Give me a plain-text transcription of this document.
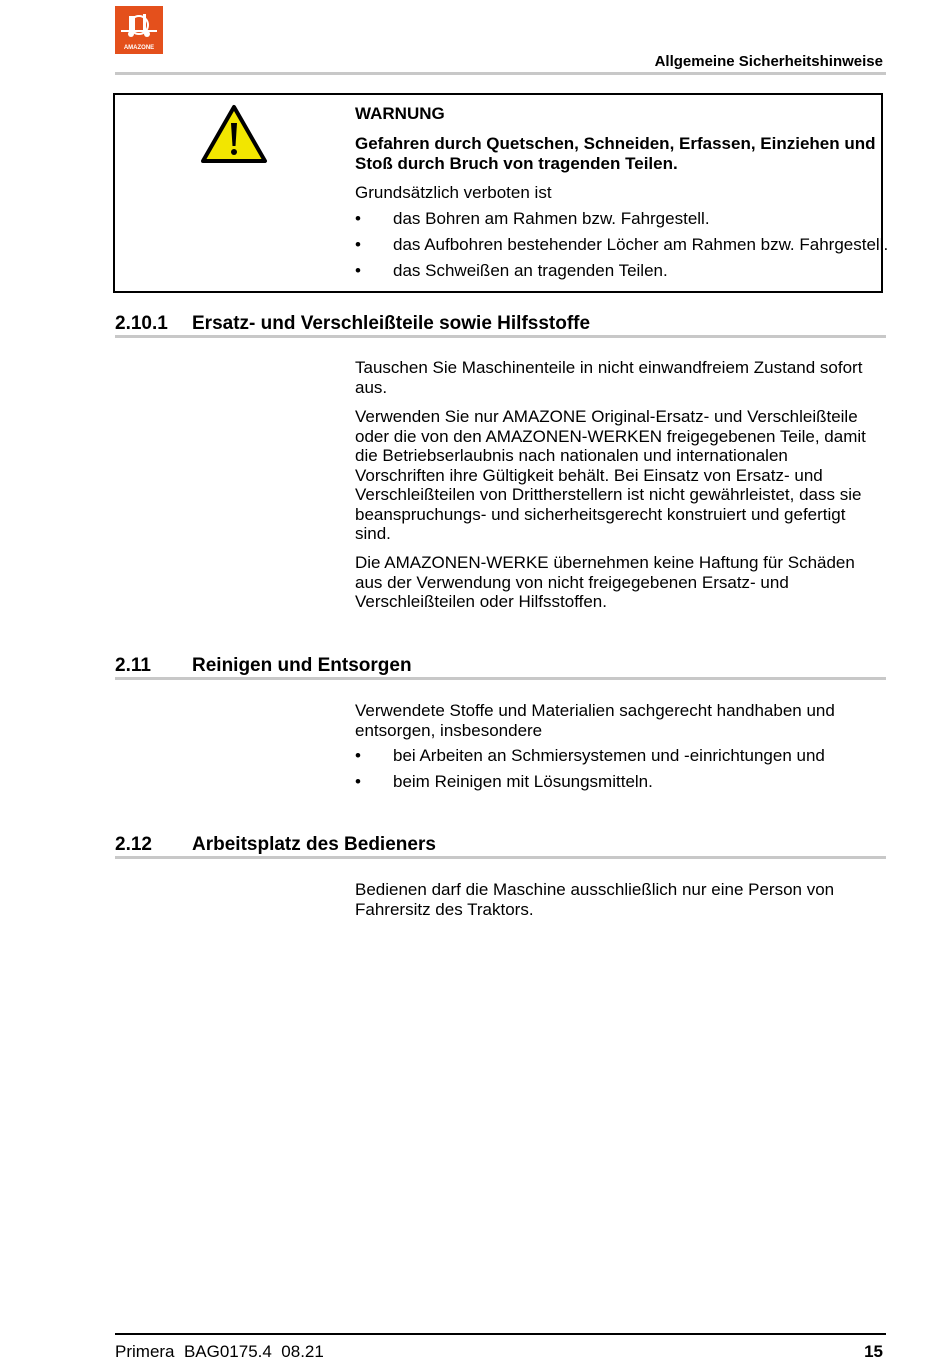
AMAZONE
Allgemeine Sicherheitshinweise
WARNUNG
Gefahren durch Quetschen, Schneiden, Erfassen, Einziehen und Stoß durch Bruch von tragenden Teilen.
Grundsätzlich verboten ist
• das Bohren am Rahmen bzw. Fahrgestell.
• das Aufbohren bestehender Löcher am Rahmen bzw. Fahrgestell.
• das Schweißen an tragenden Teilen.
2.10.1 Ersatz- und Verschleißteile sowie Hilfsstoffe
Tauschen Sie Maschinenteile in nicht einwandfreiem Zustand sofort aus.
Verwenden Sie nur AMAZONE Original-Ersatz- und Verschleißteile oder die von den AMAZONEN-WERKEN freigegebenen Teile, damit die Betriebserlaubnis nach nationalen und internationalen Vorschriften ihre Gültigkeit behält. Bei Einsatz von Ersatz- und Verschleißteilen von Drittherstellern ist nicht gewährleistet, dass sie beanspruchungs- und sicherheitsgerecht konstruiert und gefertigt sind.
Die AMAZONEN-WERKE übernehmen keine Haftung für Schäden aus der Verwendung von nicht freigegebenen Ersatz- und Verschleißteilen oder Hilfsstoffen.
2.11 Reinigen und Entsorgen
Verwendete Stoffe und Materialien sachgerecht handhaben und entsorgen, insbesondere
• bei Arbeiten an Schmiersystemen und -einrichtungen und
• beim Reinigen mit Lösungsmitteln.
2.12 Arbeitsplatz des Bedieners
Bedienen darf die Maschine ausschließlich nur eine Person von Fahrersitz des Traktors.
Primera  BAG0175.4  08.21	15
